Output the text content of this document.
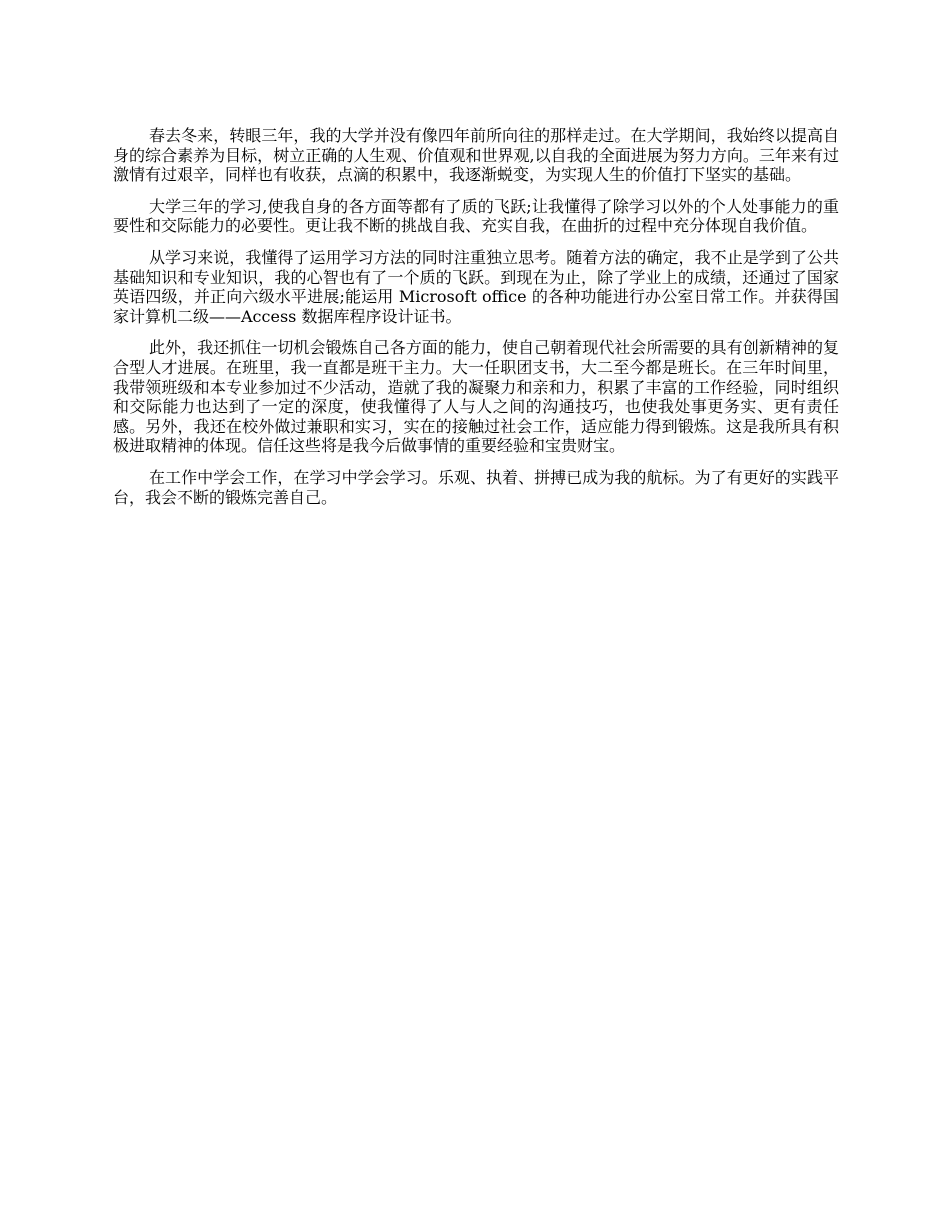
春去冬来，转眼三年，我的大学并没有像四年前所向往的那样走过。在大学期间，我始终以提高自身的综合素养为目标，树立正确的人生观、价值观和世界观,以自我的全面进展为努力方向。三年来有过激情有过艰辛，同样也有收获，点滴的积累中，我逐渐蜕变，为实现人生的价值打下坚实的基础。

大学三年的学习,使我自身的各方面等都有了质的飞跃;让我懂得了除学习以外的个人处事能力的重要性和交际能力的必要性。更让我不断的挑战自我、充实自我，在曲折的过程中充分体现自我价值。

从学习来说，我懂得了运用学习方法的同时注重独立思考。随着方法的确定，我不止是学到了公共基础知识和专业知识，我的心智也有了一个质的飞跃。到现在为止，除了学业上的成绩，还通过了国家英语四级，并正向六级水平进展;能运用 Microsoft office 的各种功能进行办公室日常工作。并获得国家计算机二级——Access 数据库程序设计证书。

此外，我还抓住一切机会锻炼自己各方面的能力，使自己朝着现代社会所需要的具有创新精神的复合型人才进展。在班里，我一直都是班干主力。大一任职团支书，大二至今都是班长。在三年时间里，我带领班级和本专业参加过不少活动，造就了我的凝聚力和亲和力，积累了丰富的工作经验，同时组织和交际能力也达到了一定的深度，使我懂得了人与人之间的沟通技巧，也使我处事更务实、更有责任感。另外，我还在校外做过兼职和实习，实在的接触过社会工作，适应能力得到锻炼。这是我所具有积极进取精神的体现。信任这些将是我今后做事情的重要经验和宝贵财宝。

在工作中学会工作，在学习中学会学习。乐观、执着、拼搏已成为我的航标。为了有更好的实践平台，我会不断的锻炼完善自己。
